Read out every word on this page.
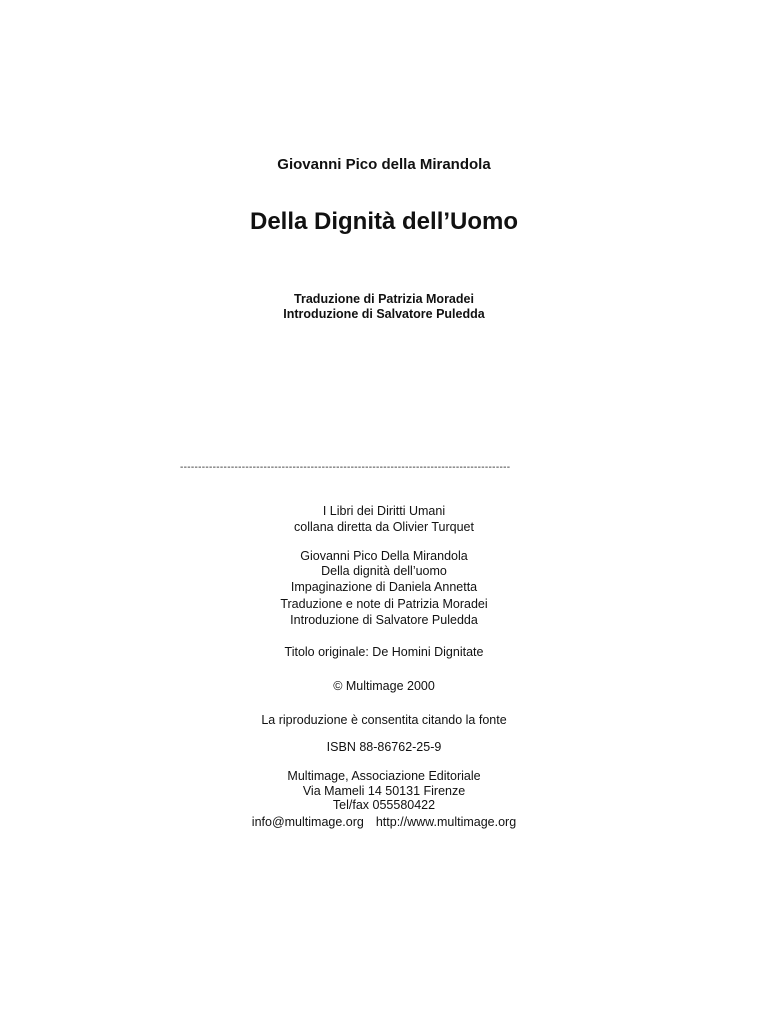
Giovanni Pico della Mirandola
Della Dignità dell’Uomo
Traduzione di Patrizia Moradei
Introduzione di Salvatore Puledda
-------------------------------------------------------------------------------------------
I Libri dei Diritti Umani
collana diretta da Olivier Turquet
Giovanni Pico Della Mirandola
Della dignità dell’uomo
Impaginazione di Daniela Annetta
Traduzione e note di Patrizia Moradei
Introduzione di Salvatore Puledda
Titolo originale: De Homini Dignitate
© Multimage 2000
La riproduzione è consentita citando la fonte
ISBN 88-86762-25-9
Multimage, Associazione Editoriale
Via Mameli 14 50131 Firenze
Tel/fax 055580422
info@multimage.org http://www.multimage.org
